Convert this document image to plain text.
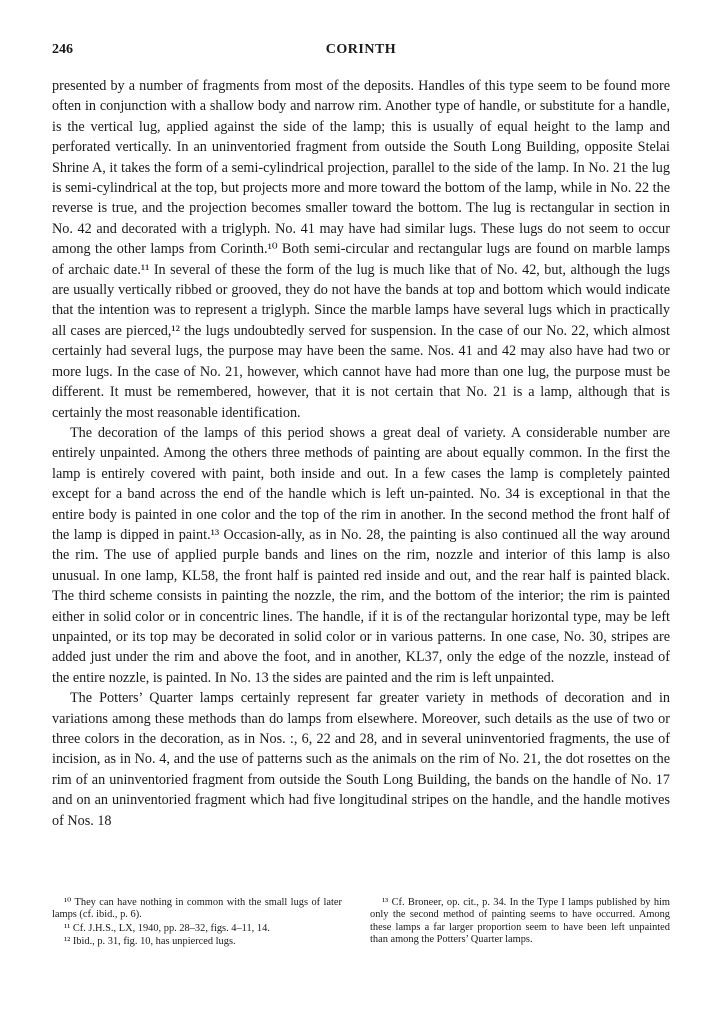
246	CORINTH

presented by a number of fragments from most of the deposits. Handles of this type seem to be found more often in conjunction with a shallow body and narrow rim. Another type of handle, or substitute for a handle, is the vertical lug, applied against the side of the lamp; this is usually of equal height to the lamp and perforated vertically. In an uninventoried fragment from outside the South Long Building, opposite Stelai Shrine A, it takes the form of a semi-cylindrical projection, parallel to the side of the lamp. In No. 21 the lug is semi-cylindrical at the top, but projects more and more toward the bottom of the lamp, while in No. 22 the reverse is true, and the projection becomes smaller toward the bottom. The lug is rectangular in section in No. 42 and decorated with a triglyph. No. 41 may have had similar lugs. These lugs do not seem to occur among the other lamps from Corinth.¹⁰ Both semi-circular and rectangular lugs are found on marble lamps of archaic date.¹¹ In several of these the form of the lug is much like that of No. 42, but, although the lugs are usually vertically ribbed or grooved, they do not have the bands at top and bottom which would indicate that the intention was to represent a triglyph. Since the marble lamps have several lugs which in practically all cases are pierced,¹² the lugs undoubtedly served for suspension. In the case of our No. 22, which almost certainly had several lugs, the purpose may have been the same. Nos. 41 and 42 may also have had two or more lugs. In the case of No. 21, however, which cannot have had more than one lug, the purpose must be different. It must be remembered, however, that it is not certain that No. 21 is a lamp, although that is certainly the most reasonable identification.

The decoration of the lamps of this period shows a great deal of variety. A considerable number are entirely unpainted. Among the others three methods of painting are about equally common. In the first the lamp is entirely covered with paint, both inside and out. In a few cases the lamp is completely painted except for a band across the end of the handle which is left un-painted. No. 34 is exceptional in that the entire body is painted in one color and the top of the rim in another. In the second method the front half of the lamp is dipped in paint.¹³ Occasion-ally, as in No. 28, the painting is also continued all the way around the rim. The use of applied purple bands and lines on the rim, nozzle and interior of this lamp is also unusual. In one lamp, KL58, the front half is painted red inside and out, and the rear half is painted black. The third scheme consists in painting the nozzle, the rim, and the bottom of the interior; the rim is painted either in solid color or in concentric lines. The handle, if it is of the rectangular horizontal type, may be left unpainted, or its top may be decorated in solid color or in various patterns. In one case, No. 30, stripes are added just under the rim and above the foot, and in another, KL37, only the edge of the nozzle, instead of the entire nozzle, is painted. In No. 13 the sides are painted and the rim is left unpainted.

The Potters’ Quarter lamps certainly represent far greater variety in methods of decoration and in variations among these methods than do lamps from elsewhere. Moreover, such details as the use of two or three colors in the decoration, as in Nos. :, 6, 22 and 28, and in several uninventoried fragments, the use of incision, as in No. 4, and the use of patterns such as the animals on the rim of No. 21, the dot rosettes on the rim of an uninventoried fragment from outside the South Long Building, the bands on the handle of No. 17 and on an uninventoried fragment which had five longitudinal stripes on the handle, and the handle motives of Nos. 18

¹⁰ They can have nothing in common with the small lugs of later lamps (cf. ibid., p. 6).

¹¹ Cf. J.H.S., LX, 1940, pp. 28–32, figs. 4–11, 14.

¹² Ibid., p. 31, fig. 10, has unpierced lugs.

¹³ Cf. Broneer, op. cit., p. 34. In the Type I lamps published by him only the second method of painting seems to have occurred. Among these lamps a far larger proportion seem to have been left unpainted than among the Potters’ Quarter lamps.
